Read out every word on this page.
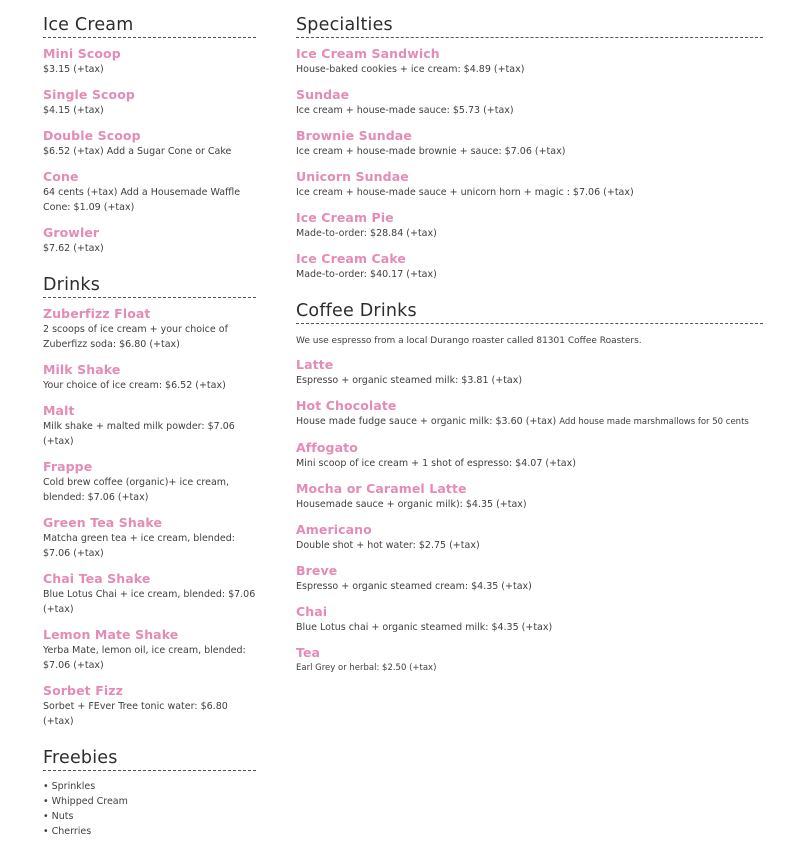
Ice Cream
Mini Scoop
$3.15 (+tax)
Single Scoop
$4.15 (+tax)
Double Scoop
$6.52 (+tax) Add a Sugar Cone or Cake
Cone
64 cents (+tax) Add a Housemade Waffle Cone: $1.09 (+tax)
Growler
$7.62 (+tax)
Drinks
Zuberfizz Float
2 scoops of ice cream + your choice of Zuberfizz soda: $6.80 (+tax)
Milk Shake
Your choice of ice cream: $6.52 (+tax)
Malt
Milk shake + malted milk powder: $7.06 (+tax)
Frappe
Cold brew coffee (organic)+ ice cream, blended: $7.06 (+tax)
Green Tea Shake
Matcha green tea + ice cream, blended: $7.06 (+tax)
Chai Tea Shake
Blue Lotus Chai + ice cream, blended: $7.06 (+tax)
Lemon Mate Shake
Yerba Mate, lemon oil, ice cream, blended: $7.06 (+tax)
Sorbet Fizz
Sorbet + FEver Tree tonic water: $6.80 (+tax)
Freebies
• Sprinkles
• Whipped Cream
• Nuts
• Cherries
Specialties
Ice Cream Sandwich
House-baked cookies + ice cream: $4.89 (+tax)
Sundae
Ice cream + house-made sauce: $5.73 (+tax)
Brownie Sundae
Ice cream + house-made brownie + sauce: $7.06 (+tax)
Unicorn Sundae
Ice cream + house-made sauce + unicorn horn + magic : $7.06 (+tax)
Ice Cream Pie
Made-to-order: $28.84 (+tax)
Ice Cream Cake
Made-to-order: $40.17 (+tax)
Coffee Drinks
We use espresso from a local Durango roaster called 81301 Coffee Roasters.
Latte
Espresso + organic steamed milk: $3.81 (+tax)
Hot Chocolate
House made fudge sauce + organic milk: $3.60 (+tax) Add house made marshmallows for 50 cents
Affogato
Mini scoop of ice cream + 1 shot of espresso: $4.07 (+tax)
Mocha or Caramel Latte
Housemade sauce + organic milk): $4.35 (+tax)
Americano
Double shot + hot water: $2.75 (+tax)
Breve
Espresso + organic steamed cream: $4.35 (+tax)
Chai
Blue Lotus chai + organic steamed milk: $4.35 (+tax)
Tea
Earl Grey or herbal: $2.50 (+tax)
